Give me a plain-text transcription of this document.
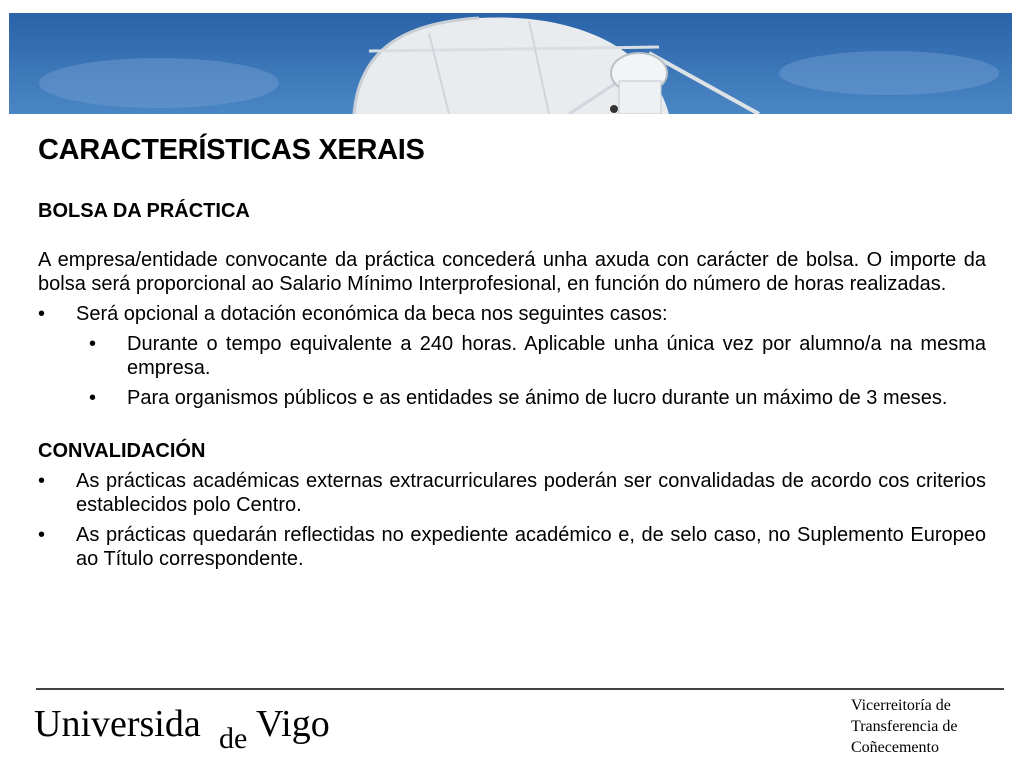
CARACTERÍSTICAS XERAIS

BOLSA DA PRÁCTICA

A empresa/entidade convocante da práctica concederá unha axuda con carácter de bolsa. O importe da bolsa será proporcional ao Salario Mínimo Interprofesional, en función do número de horas realizadas.

•	Será opcional a dotación económica da beca nos seguintes casos:

•	Durante o tempo equivalente a 240 horas. Aplicable unha única vez por alumno/a na mesma empresa.

•	Para organismos públicos e as entidades se ánimo de lucro durante un máximo de 3 meses.

CONVALIDACIÓN

•	As prácticas académicas externas extracurriculares poderán ser convalidadas de acordo cos criterios establecidos polo Centro.

•	As prácticas quedarán reflectidas no expediente académico e, de selo caso, no Suplemento Europeo ao Título correspondente.

Universida de Vigo	Vicerreitoría de
Transferencia de
Coñecemento
